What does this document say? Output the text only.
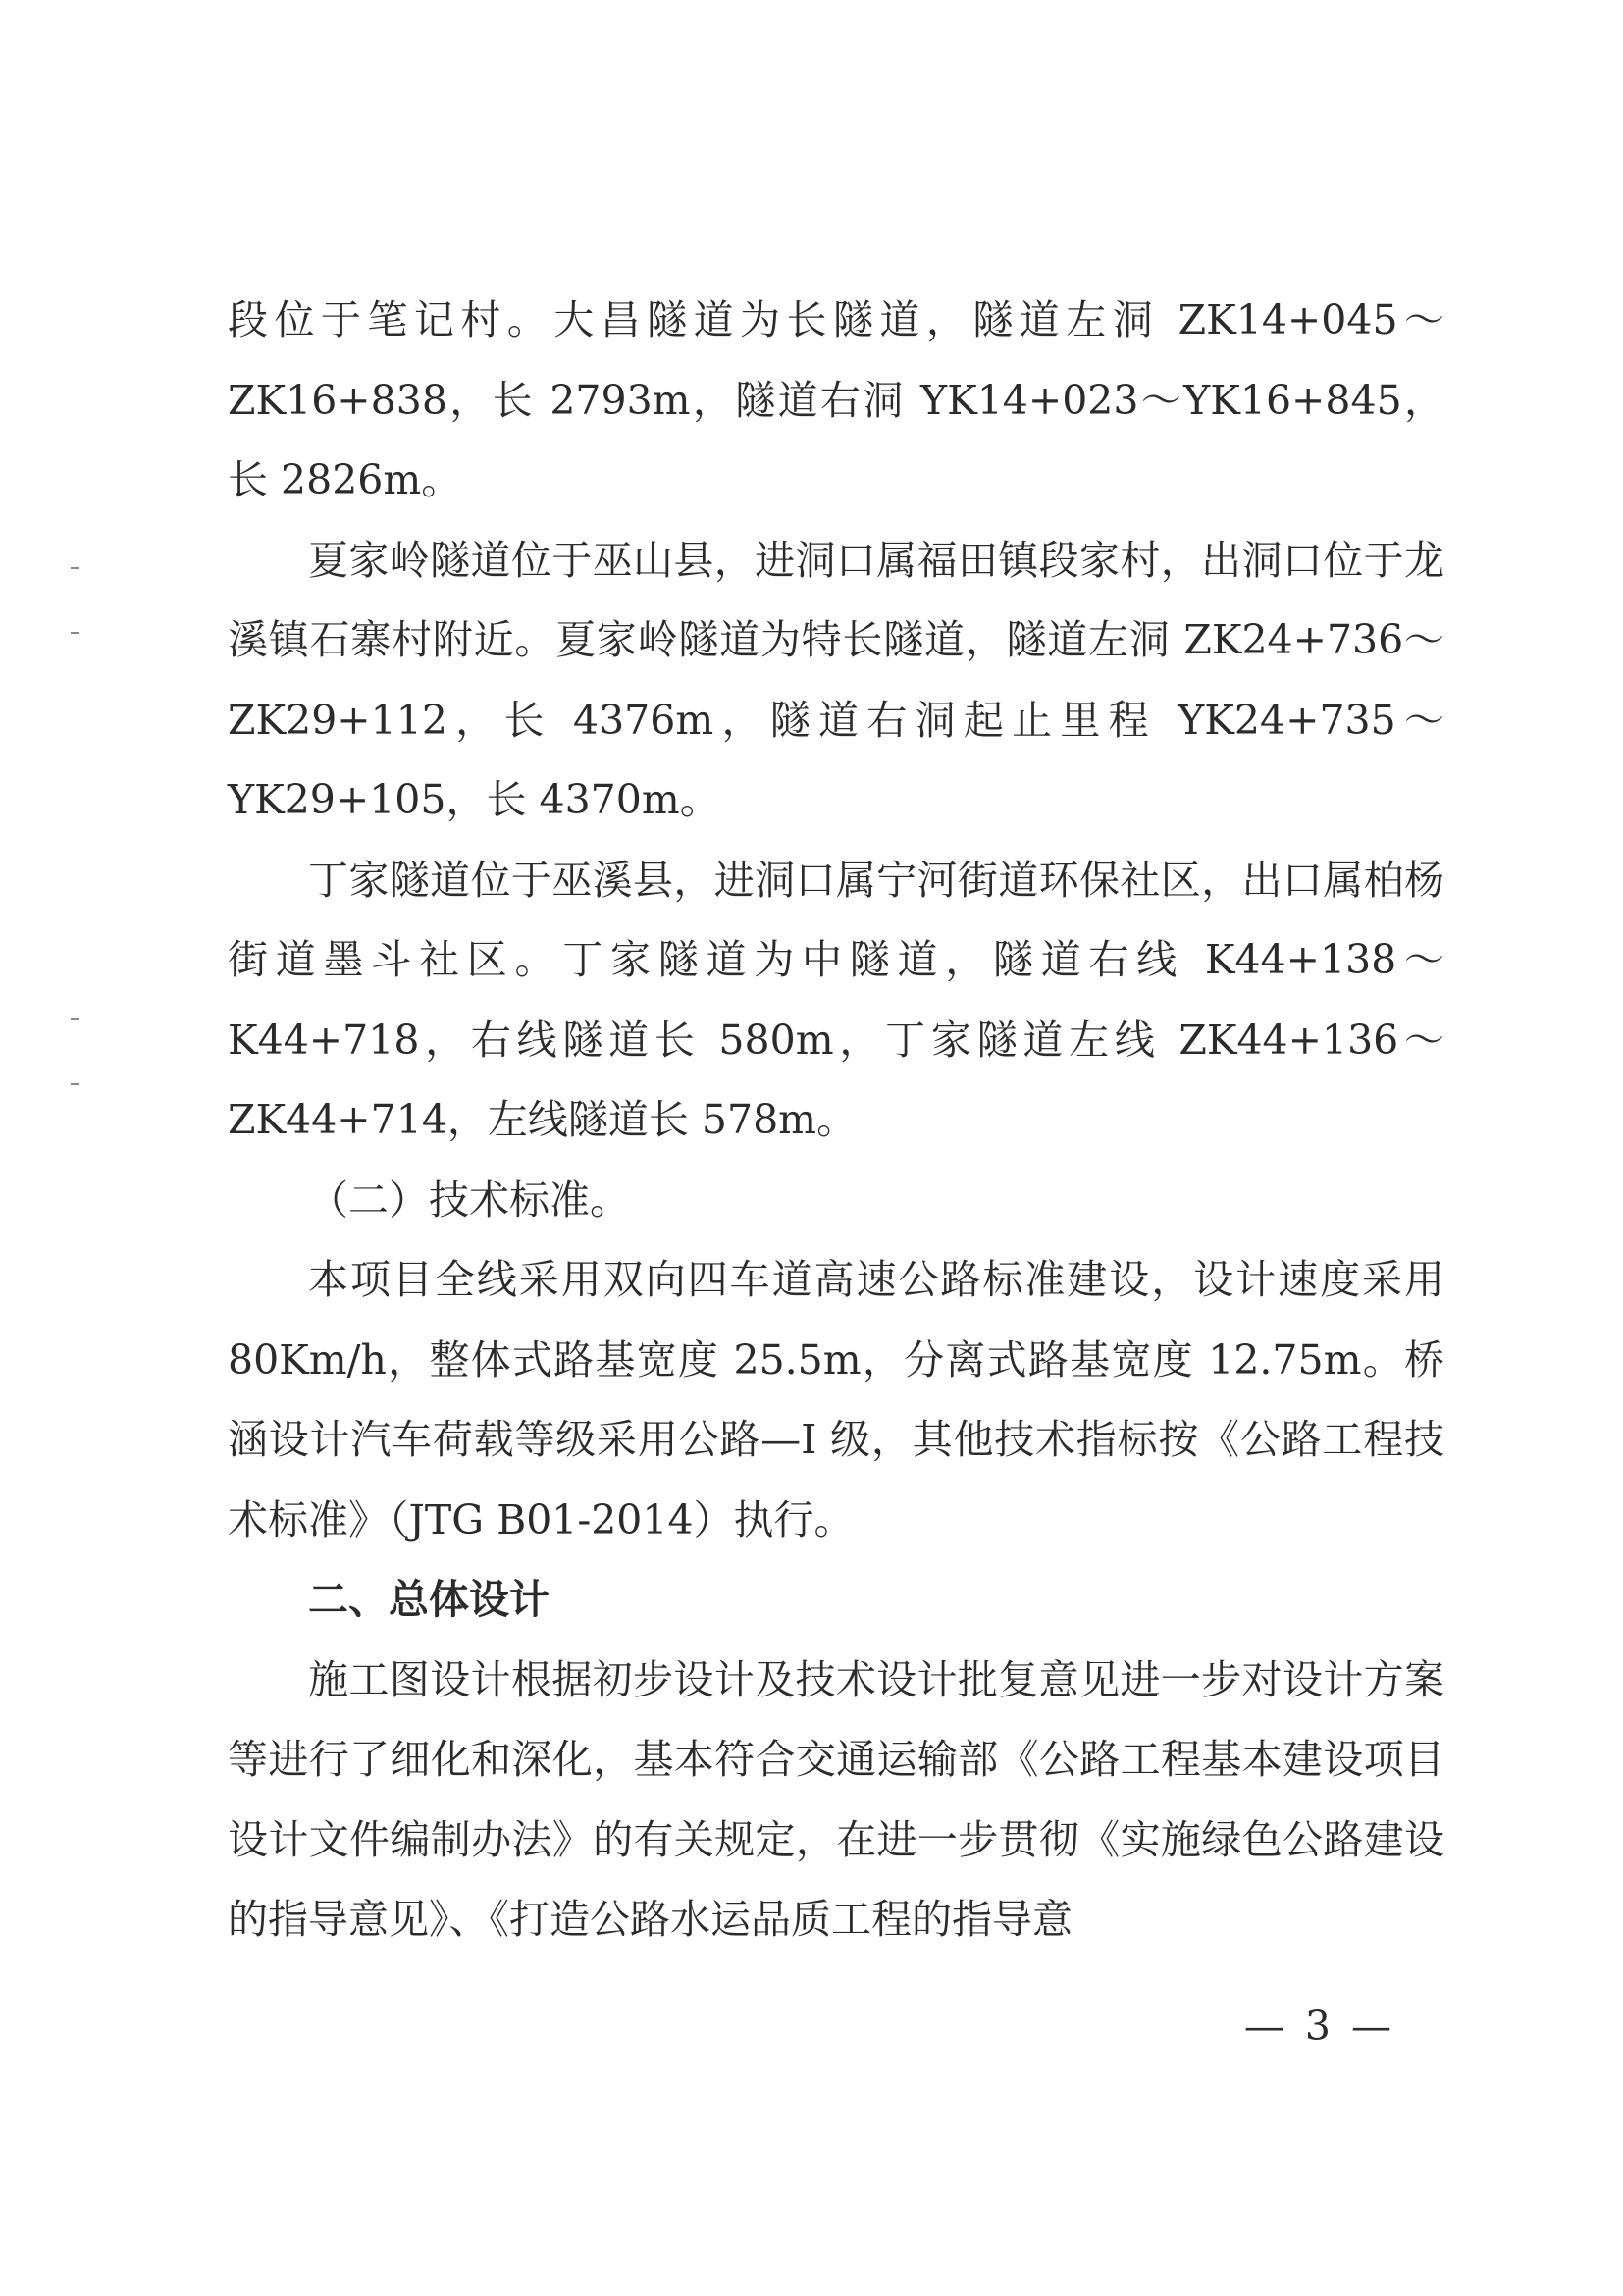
段位于笔记村。大昌隧道为长隧道，隧道左洞 ZK14+045～ZK16+838，长 2793m，隧道右洞 YK14+023～YK16+845，长 2826m。

夏家岭隧道位于巫山县，进洞口属福田镇段家村，出洞口位于龙溪镇石寨村附近。夏家岭隧道为特长隧道，隧道左洞 ZK24+736～ZK29+112，长 4376m，隧道右洞起止里程 YK24+735～YK29+105，长 4370m。

丁家隧道位于巫溪县，进洞口属宁河街道环保社区，出口属柏杨街道墨斗社区。丁家隧道为中隧道，隧道右线 K44+138～K44+718，右线隧道长 580m，丁家隧道左线 ZK44+136～ZK44+714，左线隧道长 578m。

（二）技术标准。

本项目全线采用双向四车道高速公路标准建设，设计速度采用 80Km/h，整体式路基宽度 25.5m，分离式路基宽度 12.75m。桥涵设计汽车荷载等级采用公路—I 级，其他技术指标按《公路工程技术标准》（JTG B01-2014）执行。

二、总体设计

施工图设计根据初步设计及技术设计批复意见进一步对设计方案等进行了细化和深化，基本符合交通运输部《公路工程基本建设项目设计文件编制办法》的有关规定，在进一步贯彻《实施绿色公路建设的指导意见》、《打造公路水运品质工程的指导意

— 3 —
